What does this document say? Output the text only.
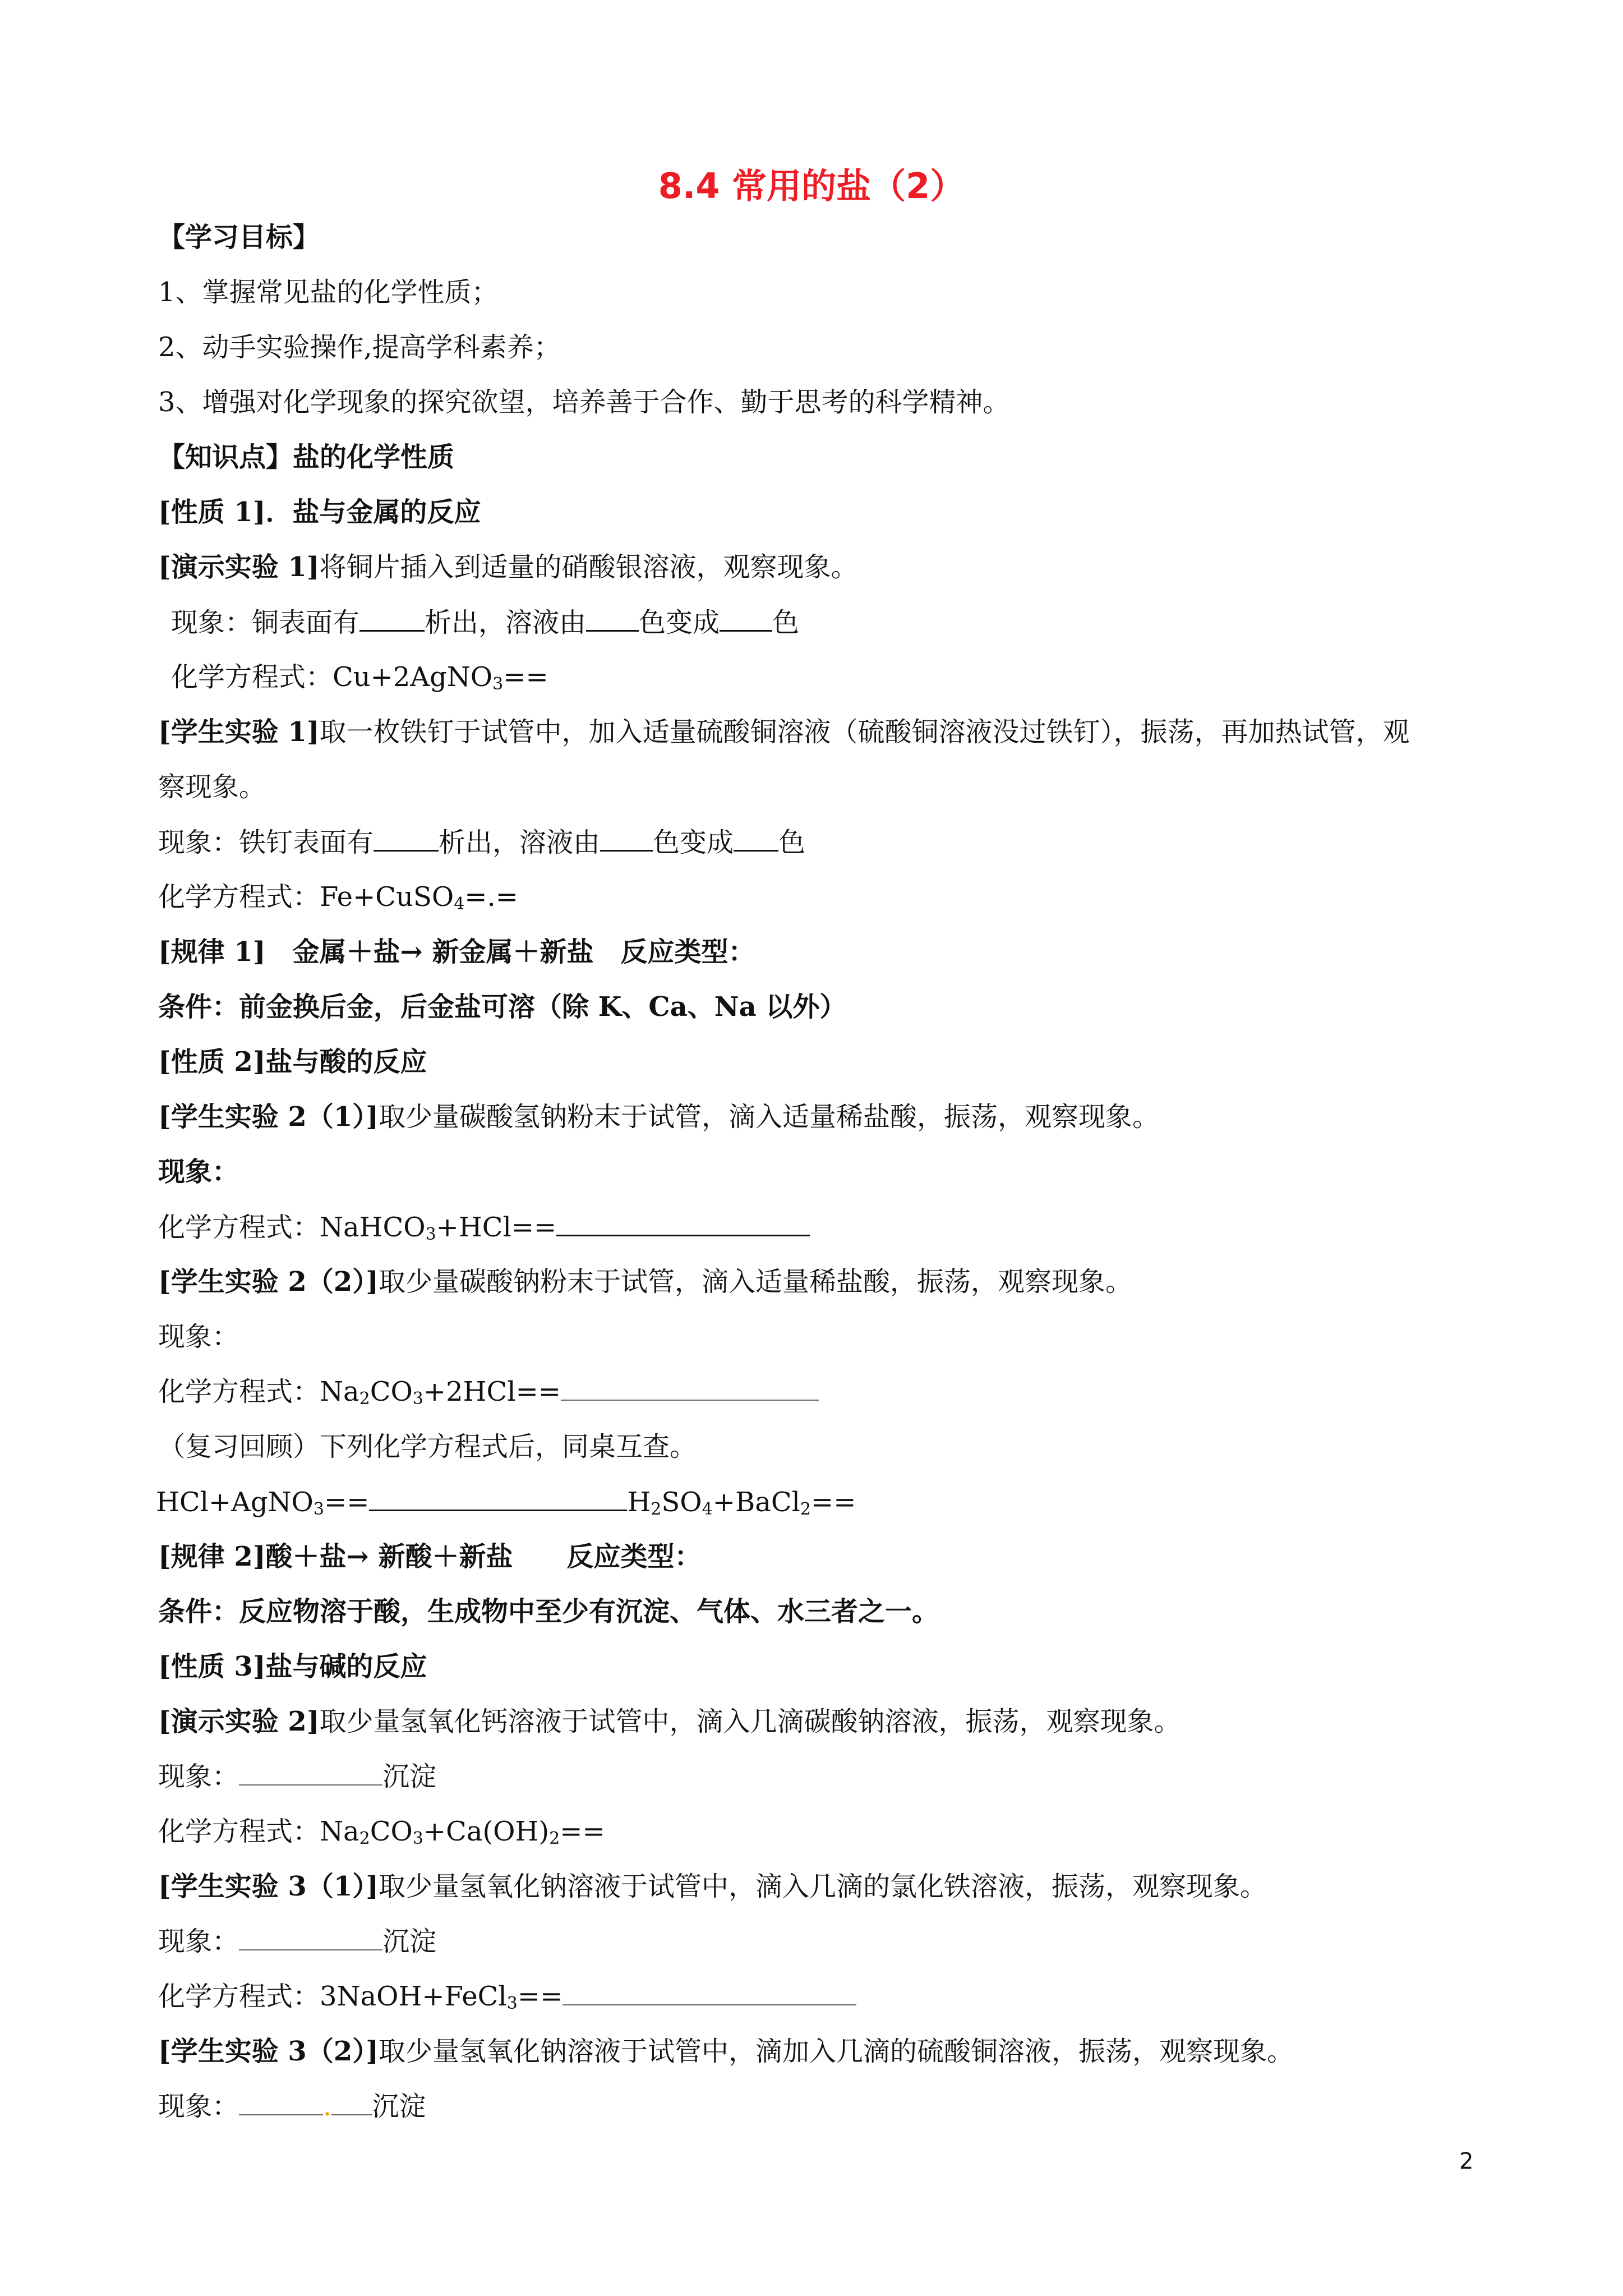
8.4 常用的盐（2）
【学习目标】
1、掌握常见盐的化学性质；
2、动手实验操作,提高学科素养；
3、增强对化学现象的探究欲望，培养善于合作、勤于思考的科学精神。
【知识点】盐的化学性质
[性质 1]．盐与金属的反应
[演示实验 1]将铜片插入到适量的硝酸银溶液，观察现象。
现象：铜表面有 析出，溶液由 色变成 色
化学方程式：Cu+2AgNO$_3$==
[学生实验 1]取一枚铁钉于试管中，加入适量硫酸铜溶液（硫酸铜溶液没过铁钉），振荡，再加热试管，观
察现象。
现象：铁钉表面有 析出，溶液由 色变成 色
化学方程式：Fe+CuSO$_4$=.=
[规律 1]　金属＋盐→ 新金属＋新盐　反应类型：
条件：前金换后金，后金盐可溶（除 K、Ca、Na 以外）
[性质 2]盐与酸的反应
[学生实验 2（1）]取少量碳酸氢钠粉末于试管，滴入适量稀盐酸，振荡，观察现象。
现象：
化学方程式：NaHCO$_3$+HCl==
[学生实验 2（2）]取少量碳酸钠粉末于试管，滴入适量稀盐酸，振荡，观察现象。
现象：
化学方程式：$Na_2CO_3+2HCl==$
（复习回顾）下列化学方程式后，同桌互查。
HCl+AgNO$_3$==	$H_2SO_4+BaCl_2==$
[规律 2]酸＋盐→ 新酸＋新盐　　反应类型：
条件：反应物溶于酸，生成物中至少有沉淀、气体、水三者之一。
[性质 3]盐与碱的反应
[演示实验 2]取少量氢氧化钙溶液于试管中，滴入几滴碳酸钠溶液，振荡，观察现象。
现象：	沉淀
化学方程式：$Na_2CO_3+Ca(OH)_2==$
[学生实验 3（1）]取少量氢氧化钠溶液于试管中，滴入几滴的氯化铁溶液，振荡，观察现象。
现象：	沉淀
化学方程式：3NaOH+FeCl$_3$==
[学生实验 3（2）]取少量氢氧化钠溶液于试管中，滴加入几滴的硫酸铜溶液，振荡，观察现象。
现象：	. 沉淀
2
